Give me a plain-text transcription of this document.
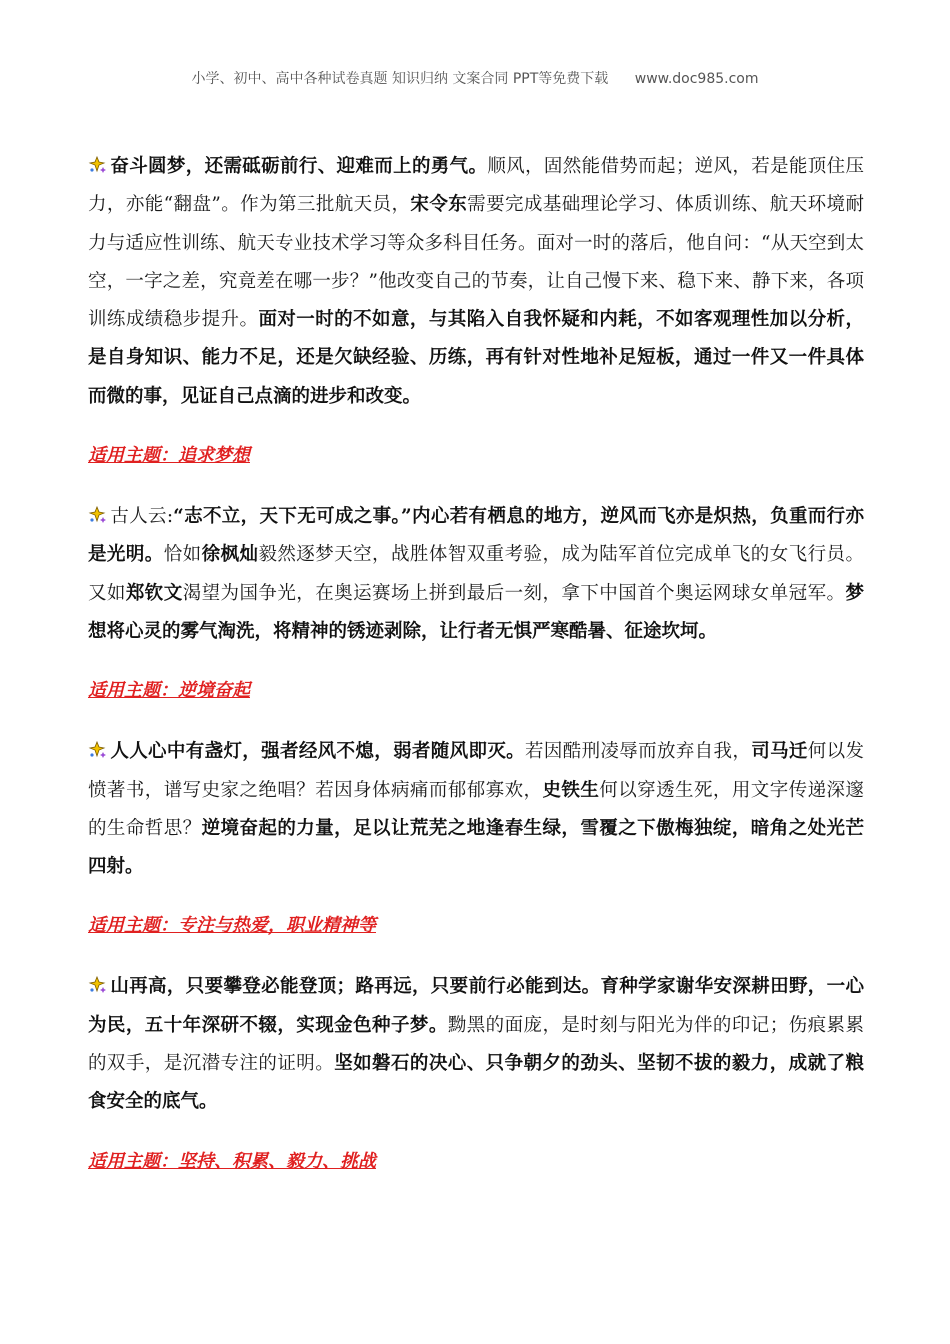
小学、初中、高中各种试卷真题 知识归纳 文案合同 PPT等免费下载 www.doc985.com

奋斗圆梦，还需砥砺前行、迎难而上的勇气。顺风，固然能借势而起；逆风，若是能顶住压力，亦能“翻盘”。作为第三批航天员，宋令东需要完成基础理论学习、体质训练、航天环境耐力与适应性训练、航天专业技术学习等众多科目任务。面对一时的落后，他自问：“从天空到太空，一字之差，究竟差在哪一步？”他改变自己的节奏，让自己慢下来、稳下来、静下来，各项训练成绩稳步提升。面对一时的不如意，与其陷入自我怀疑和内耗，不如客观理性加以分析，是自身知识、能力不足，还是欠缺经验、历练，再有针对性地补足短板，通过一件又一件具体而微的事，见证自己点滴的进步和改变。

适用主题：追求梦想

古人云:“志不立，天下无可成之事。”内心若有栖息的地方，逆风而飞亦是炽热，负重而行亦是光明。恰如徐枫灿毅然逐梦天空，战胜体智双重考验，成为陆军首位完成单飞的女飞行员。又如郑钦文渴望为国争光，在奥运赛场上拼到最后一刻，拿下中国首个奥运网球女单冠军。梦想将心灵的雾气淘洗，将精神的锈迹剥除，让行者无惧严寒酷暑、征途坎坷。

适用主题：逆境奋起

人人心中有盏灯，强者经风不熄，弱者随风即灭。若因酷刑凌辱而放弃自我，司马迁何以发愤著书，谱写史家之绝唱？若因身体病痛而郁郁寡欢，史铁生何以穿透生死，用文字传递深邃的生命哲思？逆境奋起的力量，足以让荒芜之地逢春生绿，雪覆之下傲梅独绽，暗角之处光芒四射。

适用主题：专注与热爱，职业精神等

山再高，只要攀登必能登顶；路再远，只要前行必能到达。育种学家谢华安深耕田野，一心为民，五十年深研不辍，实现金色种子梦。黝黑的面庞，是时刻与阳光为伴的印记；伤痕累累的双手，是沉潜专注的证明。坚如磐石的决心、只争朝夕的劲头、坚韧不拔的毅力，成就了粮食安全的底气。

适用主题：坚持、积累、毅力、挑战
